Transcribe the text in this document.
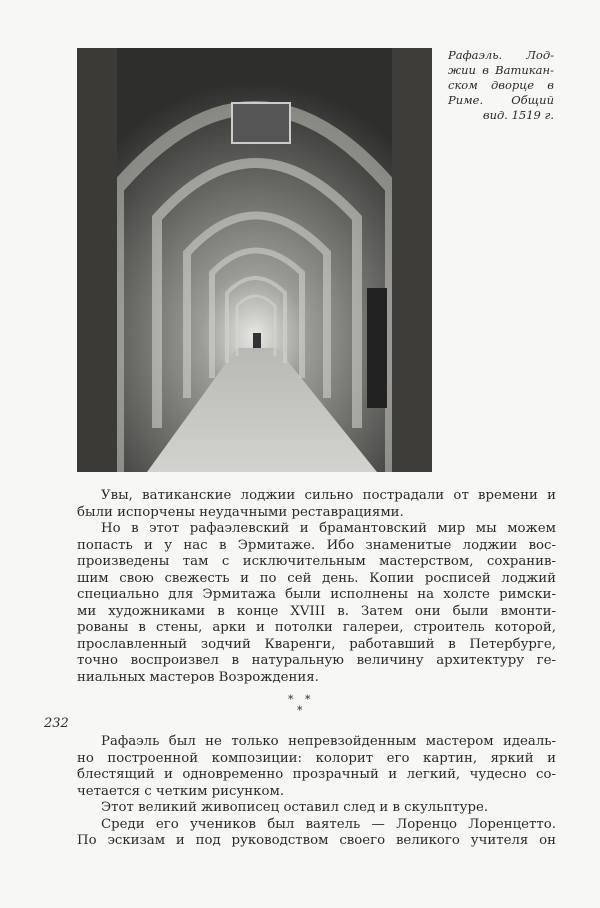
Рафаэль. Лод-
жии в Ватикан-
ском дворце в
Риме. Общий
вид. 1519 г.
Увы, ватиканские лоджии сильно пострадали от времени и
были испорчены неудачными реставрациями.
Но в этот рафаэлевский и брамантовский мир мы можем
попасть и у нас в Эрмитаже. Ибо знаменитые лоджии вос-
произведены там с исключительным мастерством, сохранив-
шим свою свежесть и по сей день. Копии росписей лоджий
специально для Эрмитажа были исполнены на холсте римски-
ми художниками в конце XVIII в. Затем они были вмонти-
рованы в стены, арки и потолки галереи, строитель которой,
прославленный зодчий Кваренги, работавший в Петербурге,
точно воспроизвел в натуральную величину архитектуру ге-
ниальных мастеров Возрождения.
* *
*
232
Рафаэль был не только непревзойденным мастером идеаль-
но построенной композиции: колорит его картин, яркий и
блестящий и одновременно прозрачный и легкий, чудесно со-
четается с четким рисунком.
Этот великий живописец оставил след и в скульптуре.
Среди его учеников был ваятель — Лоренцо Лоренцетто.
По эскизам и под руководством своего великого учителя он
